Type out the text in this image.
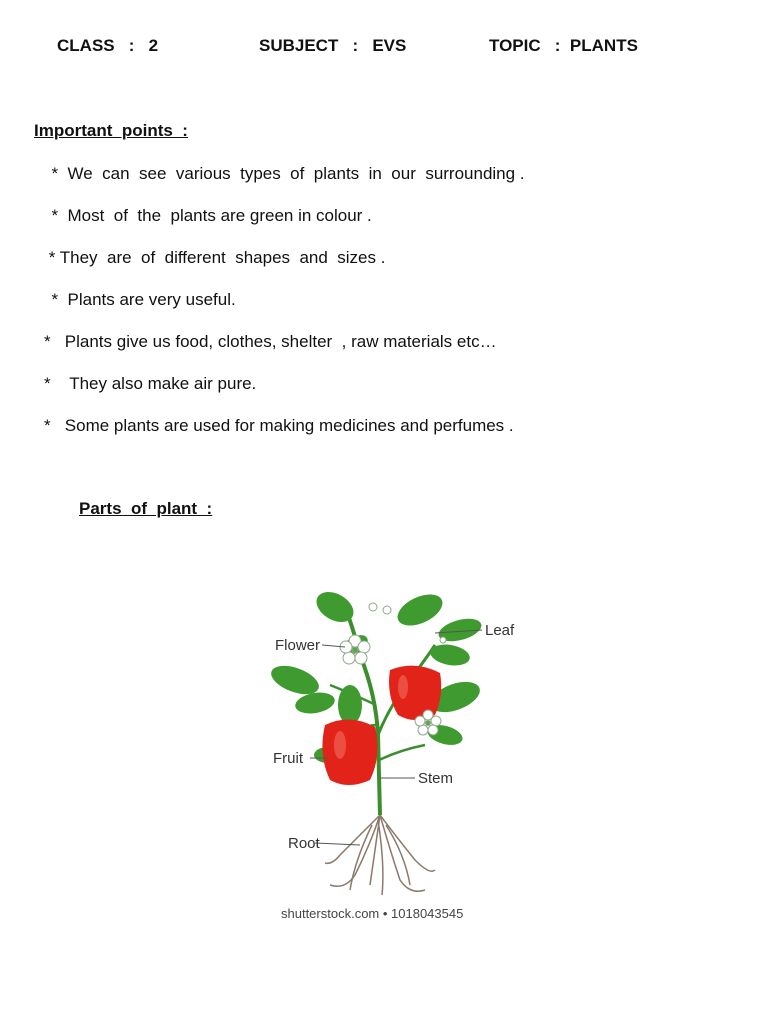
CLASS   :   2	SUBJECT   :   EVS	TOPIC   :  PLANTS
Important  points  :
*  We  can  see  various  types  of  plants  in  our  surrounding .
*  Most  of  the  plants are green in colour .
* They  are  of  different  shapes  and  sizes .
*  Plants are very useful.
*   Plants give us food, clothes, shelter  , raw materials etc…
*    They also make air pure.
*   Some plants are used for making medicines and perfumes .
Parts  of  plant  :
Flower
Leaf
Fruit
Stem
Root
shutterstock.com • 1018043545
